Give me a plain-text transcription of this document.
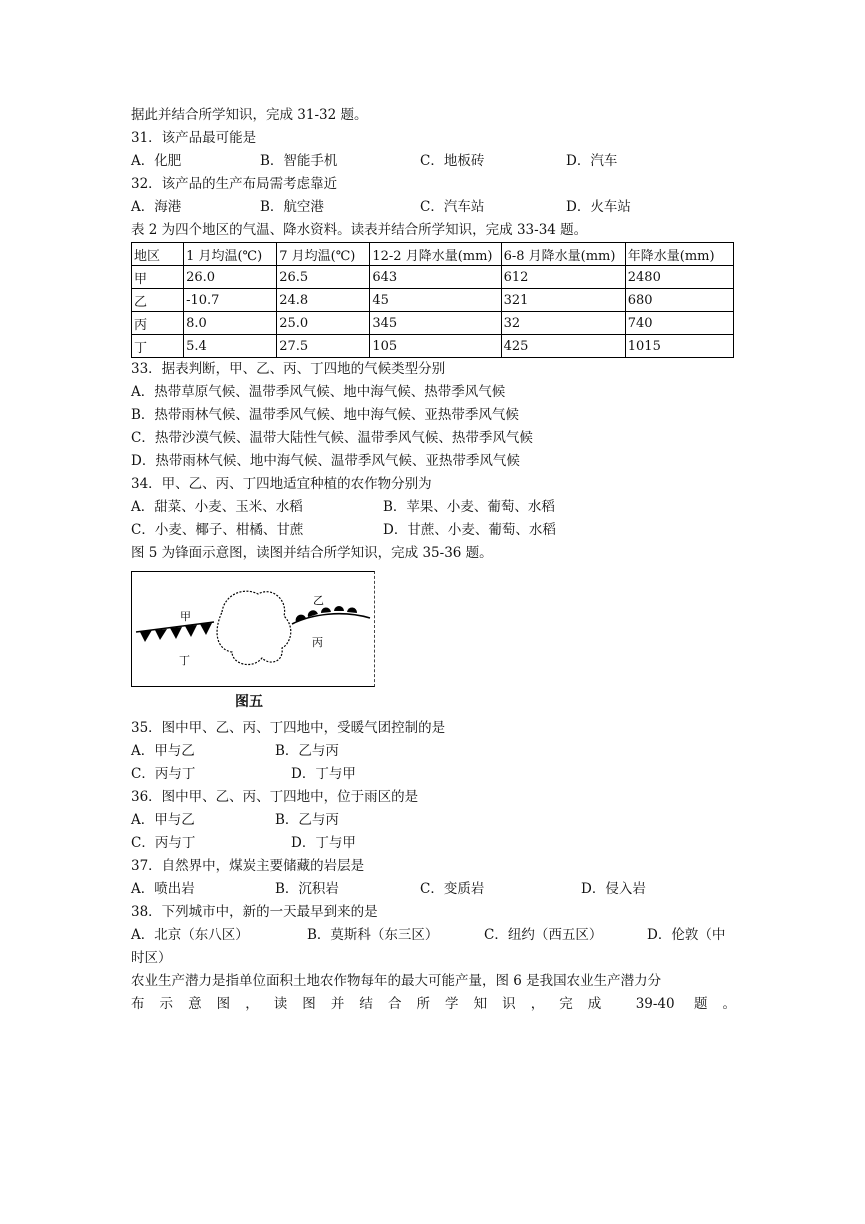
据此并结合所学知识，完成 31-32 题。
31．该产品最可能是
A．化肥	B．智能手机	C．地板砖	D．汽车
32．该产品的生产布局需考虑靠近
A．海港	B．航空港	C．汽车站	D．火车站
表 2 为四个地区的气温、降水资料。读表并结合所学知识，完成 33-34 题。
地区	1 月均温(℃)	7 月均温(℃)	12-2 月降水量(mm)	6-8 月降水量(mm)	年降水量(mm)
甲	26.0	26.5	643	612	2480
乙	-10.7	24.8	45	321	680
丙	8.0	25.0	345	32	740
丁	5.4	27.5	105	425	1015
33．据表判断，甲、乙、丙、丁四地的气候类型分别
A．热带草原气候、温带季风气候、地中海气候、热带季风气候
B．热带雨林气候、温带季风气候、地中海气候、亚热带季风气候
C．热带沙漠气候、温带大陆性气候、温带季风气候、热带季风气候
D．热带雨林气候、地中海气候、温带季风气候、亚热带季风气候
34．甲、乙、丙、丁四地适宜种植的农作物分别为
A．甜菜、小麦、玉米、水稻	B．苹果、小麦、葡萄、水稻
C．小麦、椰子、柑橘、甘蔗	D．甘蔗、小麦、葡萄、水稻
图 5 为锋面示意图，读图并结合所学知识，完成 35-36 题。
甲
丁
乙
丙
图五
35．图中甲、乙、丙、丁四地中，受暖气团控制的是
A．甲与乙	B．乙与丙
C．丙与丁	D．丁与甲
36．图中甲、乙、丙、丁四地中，位于雨区的是
A．甲与乙	B．乙与丙
C．丙与丁	D．丁与甲
37．自然界中，煤炭主要储藏的岩层是
A．喷出岩	B．沉积岩	C．变质岩	D．侵入岩
38．下列城市中，新的一天最早到来的是
A．北京（东八区）	B．莫斯科（东三区）	C．纽约（西五区）	D．伦敦（中
时区）
农业生产潜力是指单位面积土地农作物每年的最大可能产量，图 6 是我国农业生产潜力分
布示意图，读图并结合所学知识，完成 39-40 题。
